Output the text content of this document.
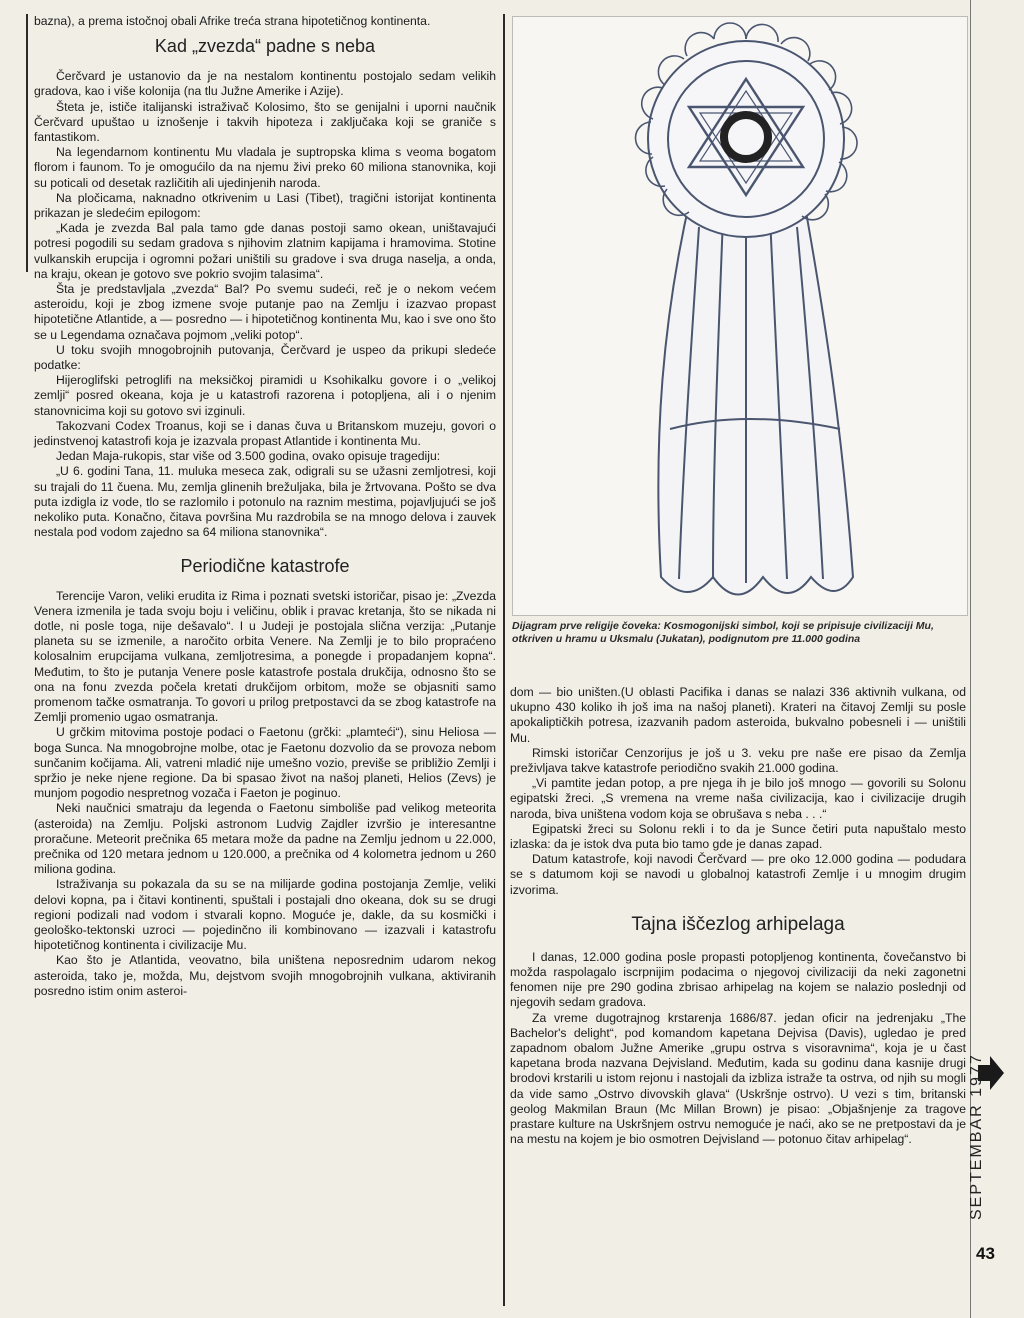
bazna), a prema istočnoj obali Afrike treća strana hipotetičnog kontinenta.

Kad „zvezda“ padne s neba

Čerčvard je ustanovio da je na nestalom kontinentu postojalo sedam velikih gradova, kao i više kolonija (na tlu Južne Amerike i Azije).

Šteta je, ističe italijanski istraživač Kolosimo, što se genijalni i uporni naučnik Čerčvard upuštao u iznošenje i takvih hipoteza i zaključaka koji se graniče s fantastikom.

Na legendarnom kontinentu Mu vladala je suptropska klima s veoma bogatom florom i faunom. To je omogućilo da na njemu živi preko 60 miliona stanovnika, koji su poticali od desetak različitih ali ujedinjenih naroda.

Na pločicama, naknadno otkrivenim u Lasi (Tibet), tragični istorijat kontinenta prikazan je sledećim epilogom:

„Kada je zvezda Bal pala tamo gde danas postoji samo okean, uništavajući potresi pogodili su sedam gradova s njihovim zlatnim kapijama i hramovima. Stotine vulkanskih erupcija i ogromni požari uništili su gradove i sva druga naselja, a onda, na kraju, okean je gotovo sve pokrio svojim talasima“.

Šta je predstavljala „zvezda“ Bal? Po svemu sudeći, reč je o nekom većem asteroidu, koji je zbog izmene svoje putanje pao na Zemlju i izazvao propast hipotetične Atlantide, a — posredno — i hipotetičnog kontinenta Mu, kao i sve ono što se u Legendama označava pojmom „veliki potop“.

U toku svojih mnogobrojnih putovanja, Čerčvard je uspeo da prikupi sledeće podatke:

Hijeroglifski petroglifi na meksičkoj piramidi u Ksohikalku govore i o „velikoj zemlji“ posred okeana, koja je u katastrofi razorena i potopljena, ali i o njenim stanovnicima koji su gotovo svi izginuli.

Takozvani Codex Troanus, koji se i danas čuva u Britanskom muzeju, govori o jedinstvenoj katastrofi koja je izazvala propast Atlantide i kontinenta Mu.

Jedan Maja-rukopis, star više od 3.500 godina, ovako opisuje tragediju:

„U 6. godini Tana, 11. muluka meseca zak, odigrali su se užasni zemljotresi, koji su trajali do 11 čuena. Mu, zemlja glinenih brežuljaka, bila je žrtvovana. Pošto se dva puta izdigla iz vode, tlo se razlomilo i potonulo na raznim mestima, pojavljujući se još nekoliko puta. Konačno, čitava površina Mu razdrobila se na mnogo delova i zauvek nestala pod vodom zajedno sa 64 miliona stanovnika“.

Periodične katastrofe

Terencije Varon, veliki erudita iz Rima i poznati svetski istoričar, pisao je: „Zvezda Venera izmenila je tada svoju boju i veličinu, oblik i pravac kretanja, što se nikada ni dotle, ni posle toga, nije dešavalo“. I u Judeji je postojala slična verzija: „Putanje planeta su se izmenile, a naročito orbita Venere. Na Zemlji je to bilo propraćeno kolosalnim erupcijama vulkana, zemljotresima, a ponegde i propadanjem kopna“. Međutim, to što je putanja Venere posle katastrofe postala drukčija, odnosno što se ona na fonu zvezda počela kretati drukčijom orbitom, može se objasniti samo promenom tačke osmatranja. To govori u prilog pretpostavci da se zbog katastrofe na Zemlji promenio ugao osmatranja.

U grčkim mitovima postoje podaci o Faetonu (grčki: „plamteći“), sinu Heliosa — boga Sunca. Na mnogobrojne molbe, otac je Faetonu dozvolio da se provoza nebom sunčanim kočijama. Ali, vatreni mladić nije umešno vozio, previše se približio Zemlji i spržio je neke njene regione. Da bi spasao život na našoj planeti, Helios (Zevs) je munjom pogodio nespretnog vozača i Faeton je poginuo.

Neki naučnici smatraju da legenda o Faetonu simboliše pad velikog meteorita (asteroida) na Zemlju. Poljski astronom Ludvig Zajdler izvršio je interesantne proračune. Meteorit prečnika 65 metara može da padne na Zemlju jednom u 22.000, prečnika od 120 metara jednom u 120.000, a prečnika od 4 kolometra jednom u 260 miliona godina.

Istraživanja su pokazala da su se na milijarde godina postojanja Zemlje, veliki delovi kopna, pa i čitavi kontinenti, spuštali i postajali dno okeana, dok su se drugi regioni podizali nad vodom i stvarali kopno. Moguće je, dakle, da su kosmički i geološko-tektonski uzroci — pojedinčno ili kombinovano — izazvali i katastrofu hipotetičnog kontinenta i civilizacije Mu.

Kao što je Atlantida, veovatno, bila uništena neposrednim udarom nekog asteroida, tako je, možda, Mu, dejstvom svojih mnogobrojnih vulkana, aktiviranih posredno istim onim asteroi-

Dijagram prve religije čoveka: Kosmogonijski simbol, koji se pripisuje civilizaciji Mu, otkriven u hramu u Uksmalu (Jukatan), podignutom pre 11.000 godina

dom — bio uništen.(U oblasti Pacifika i danas se nalazi 336 aktivnih vulkana, od ukupno 430 koliko ih još ima na našoj planeti). Krateri na čitavoj Zemlji su posle apokaliptičkih potresa, izazvanih padom asteroida, bukvalno pobesneli i — uništili Mu.

Rimski istoričar Cenzorijus je još u 3. veku pre naše ere pisao da Zemlja preživljava takve katastrofe periodično svakih 21.000 godina.

„Vi pamtite jedan potop, a pre njega ih je bilo još mnogo — govorili su Solonu egipatski žreci. „S vremena na vreme naša civilizacija, kao i civilizacije drugih naroda, biva uništena vodom koja se obrušava s neba . . .“

Egipatski žreci su Solonu rekli i to da je Sunce četiri puta napuštalo mesto izlaska: da je istok dva puta bio tamo gde je danas zapad.

Datum katastrofe, koji navodi Čerčvard — pre oko 12.000 godina — podudara se s datumom koji se navodi u globalnoj katastrofi Zemlje i u mnogim drugim izvorima.

Tajna iščezlog arhipelaga

I danas, 12.000 godina posle propasti potopljenog kontinenta, čovečanstvo bi možda raspolagalo iscrpnijim podacima o njegovoj civilizaciji da neki zagonetni fenomen nije pre 290 godina zbrisao arhipelag na kojem se nalazio poslednji od njegovih sedam gradova.

Za vreme dugotrajnog krstarenja 1686/87. jedan oficir na jedrenjaku „The Bachelor's delight“, pod komandom kapetana Dejvisa (Davis), ugledao je pred zapadnom obalom Južne Amerike „grupu ostrva s visoravnima“, koja je u čast kapetana broda nazvana Dejvisland. Međutim, kada su godinu dana kasnije drugi brodovi krstarili u istom rejonu i nastojali da izbliza istraže ta ostrva, od njih su mogli da vide samo „Ostrvo divovskih glava“ (Uskršnje ostrvo). U vezi s tim, britanski geolog Makmilan Braun (Mc Millan Brown) je pisao: „Objašnjenje za tragove prastare kulture na Uskršnjem ostrvu nemoguće je naći, ako se ne pretpostavi da je na mestu na kojem je bio osmotren Dejvisland — potonuo čitav arhipelag“.	SEPTEMBAR 1977
43
